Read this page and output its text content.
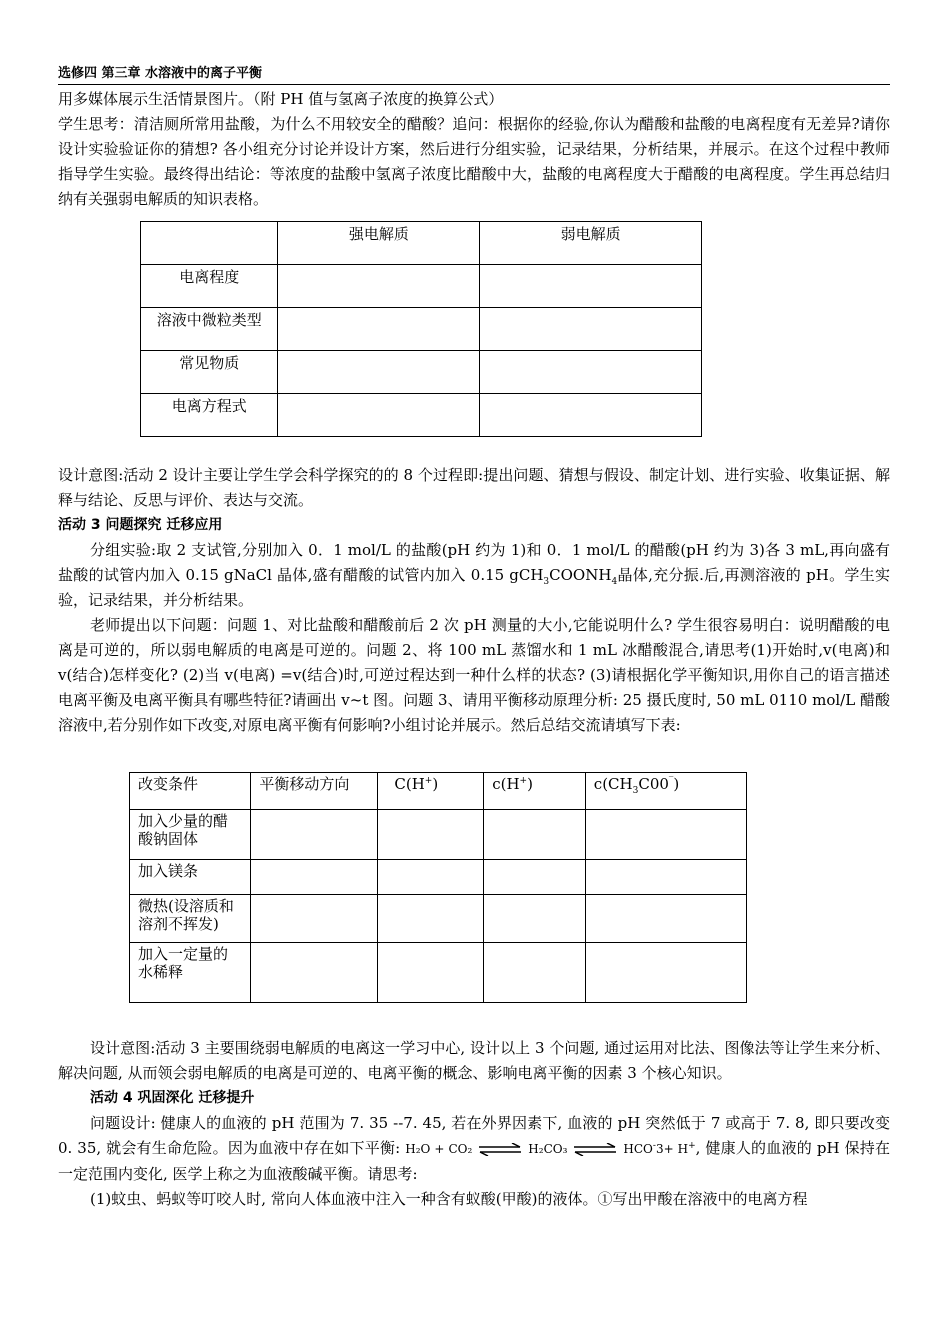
选修四 第三章 水溶液中的离子平衡

用多媒体展示生活情景图片。（附 PH 值与氢离子浓度的换算公式）

学生思考：清洁厕所常用盐酸，为什么不用较安全的醋酸？追问：根据你的经验,你认为醋酸和盐酸的电离程度有无差异?请你设计实验验证你的猜想? 各小组充分讨论并设计方案，然后进行分组实验，记录结果，分析结果，并展示。在这个过程中教师指导学生实验。最终得出结论：等浓度的盐酸中氢离子浓度比醋酸中大，盐酸的电离程度大于醋酸的电离程度。学生再总结归纳有关强弱电解质的知识表格。

	强电解质	弱电解质
电离程度		
溶液中微粒类型		
常见物质		
电离方程式		

设计意图:活动 2 设计主要让学生学会科学探究的的 8 个过程即:提出问题、猜想与假设、制定计划、进行实验、收集证据、解释与结论、反思与评价、表达与交流。

活动 3 问题探究 迁移应用

分组实验:取 2 支试管,分别加入 0．1 mol/L 的盐酸(pH 约为 1)和 0．1 mol/L 的醋酸(pH 约为 3)各 3 mL,再向盛有盐酸的试管内加入 0.15 gNaCl 晶体,盛有醋酸的试管内加入 0.15 $gCH_3COONH_4$晶体,充分振.后,再测溶液的 pH。学生实验，记录结果，并分析结果。

老师提出以下问题：问题 1、对比盐酸和醋酸前后 2 次 pH 测量的大小,它能说明什么? 学生很容易明白：说明醋酸的电离是可逆的，所以弱电解质的电离是可逆的。问题 2、将 100 mL 蒸馏水和 1 mL 冰醋酸混合,请思考(1)开始时,v(电离)和 v(结合)怎样变化? (2)当 v(电离) =v(结合)时,可逆过程达到一种什么样的状态? (3)请根据化学平衡知识,用你自己的语言描述电离平衡及电离平衡具有哪些特征?请画出 v~t 图。问题 3、请用平衡移动原理分析: 25 摄氏度时, 50 mL 0110 mol/L 醋酸溶液中,若分别作如下改变,对原电离平衡有何影响?小组讨论并展示。然后总结交流请填写下表:

改变条件	平衡移动方向	C(H+)	c(H+)	$c(CH_3C00^‾)$
加入少量的醋酸钠固体				
加入镁条				
微热(设溶质和溶剂不挥发)				
加入一定量的水稀释				

设计意图:活动 3 主要围绕弱电解质的电离这一学习中心, 设计以上 3 个问题, 通过运用对比法、图像法等让学生来分析、解决问题, 从而领会弱电解质的电离是可逆的、电离平衡的概念、影响电离平衡的因素 3 个核心知识。

活动 4 巩固深化 迁移提升

问题设计: 健康人的血液的 pH 范围为 7. 35 --7. 45, 若在外界因素下, 血液的 pH 突然低于 7 或高于 7. 8, 即只要改变 0. 35, 就会有生命危险。因为血液中存在如下平衡: H₂O + CO₂ ⇌ H₂CO₃ ⇌ HCO-3+ H+, 健康人的血液的 pH 保持在一定范围内变化, 医学上称之为血液酸碱平衡。请思考:

(1)蚊虫、蚂蚁等叮咬人时, 常向人体血液中注入一种含有蚁酸(甲酸)的液体。①写出甲酸在溶液中的电离方程
